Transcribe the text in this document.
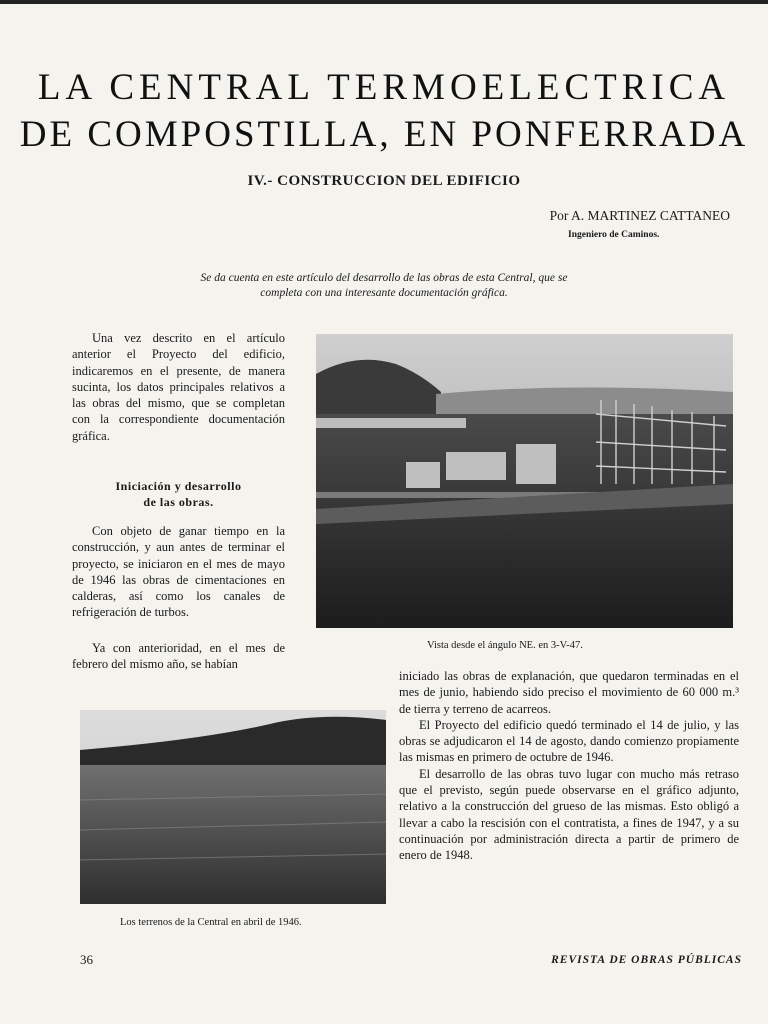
LA CENTRAL TERMOELECTRICA
DE COMPOSTILLA, EN PONFERRADA
IV.- CONSTRUCCION DEL EDIFICIO
Por A. MARTINEZ CATTANEO
Ingeniero de Caminos.
Se da cuenta en este artículo del desarrollo de las obras de esta Central, que se
completa con una interesante documentación gráfica.

Una vez descrito en el artículo anterior el Proyecto del edificio, indicaremos en el presente, de manera sucinta, los datos principales relativos a las obras del mismo, que se completan con la correspondiente documentación gráfica.

Iniciación y desarrollo
de las obras.

Con objeto de ganar tiempo en la construcción, y aun antes de terminar el proyecto, se iniciaron en el mes de mayo de 1946 las obras de cimentaciones en calderas, así como los canales de refrigeración de turbos.

Ya con anterioridad, en el mes de febrero del mismo año, se habían

Vista desde el ángulo NE. en 3-V-47.

iniciado las obras de explanación, que quedaron terminadas en el mes de junio, habiendo sido preciso el movimiento de 60 000 m.³ de tierra y terreno de acarreos.

El Proyecto del edificio quedó terminado el 14 de julio, y las obras se adjudicaron el 14 de agosto, dando comienzo propiamente las mismas en primero de octubre de 1946.

El desarrollo de las obras tuvo lugar con mucho más retraso que el previsto, según puede observarse en el gráfico adjunto, relativo a la construcción del grueso de las mismas. Esto obligó a llevar a cabo la rescisión con el contratista, a fines de 1947, y a su continuación por administración directa a partir de primero de enero de 1948.

Los terrenos de la Central en abril de 1946.
36	REVISTA DE OBRAS PÚBLICAS
